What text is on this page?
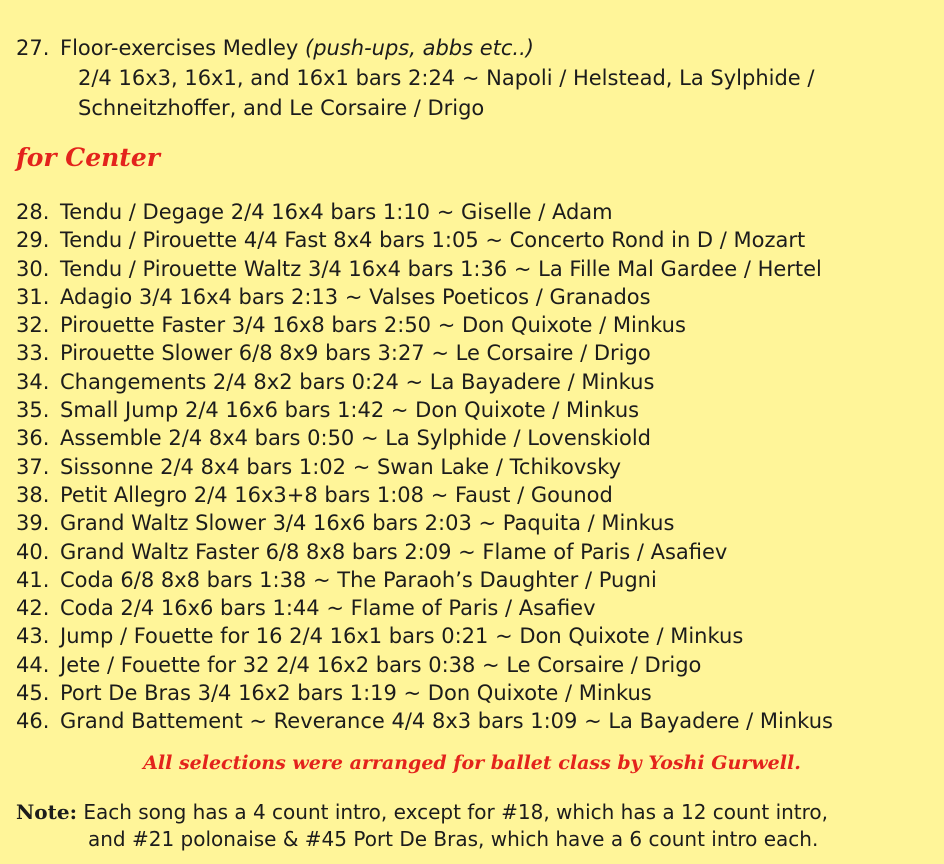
27. Floor-exercises Medley (push-ups, abbs etc..)
2/4 16x3, 16x1, and 16x1 bars 2:24 ~ Napoli / Helstead, La Sylphide /
Schneitzhoffer, and Le Corsaire / Drigo
for Center
28. Tendu / Degage 2/4 16x4 bars 1:10 ~ Giselle / Adam
29. Tendu / Pirouette 4/4 Fast 8x4 bars 1:05 ~ Concerto Rond in D / Mozart
30. Tendu / Pirouette Waltz 3/4 16x4 bars 1:36 ~ La Fille Mal Gardee / Hertel
31. Adagio 3/4 16x4 bars 2:13 ~ Valses Poeticos / Granados
32. Pirouette Faster 3/4 16x8 bars 2:50 ~ Don Quixote / Minkus
33. Pirouette Slower 6/8 8x9 bars 3:27 ~ Le Corsaire / Drigo
34. Changements 2/4 8x2 bars 0:24 ~ La Bayadere / Minkus
35. Small Jump 2/4 16x6 bars 1:42 ~ Don Quixote / Minkus
36. Assemble 2/4 8x4 bars 0:50 ~ La Sylphide / Lovenskiold
37. Sissonne 2/4 8x4 bars 1:02 ~ Swan Lake / Tchikovsky
38. Petit Allegro 2/4 16x3+8 bars 1:08 ~ Faust / Gounod
39. Grand Waltz Slower 3/4 16x6 bars 2:03 ~ Paquita / Minkus
40. Grand Waltz Faster 6/8 8x8 bars 2:09 ~ Flame of Paris / Asafiev
41. Coda 6/8 8x8 bars 1:38 ~ The Paraoh’s Daughter / Pugni
42. Coda 2/4 16x6 bars 1:44 ~ Flame of Paris / Asafiev
43. Jump / Fouette for 16 2/4 16x1 bars 0:21 ~ Don Quixote / Minkus
44. Jete / Fouette for 32 2/4 16x2 bars 0:38 ~ Le Corsaire / Drigo
45. Port De Bras 3/4 16x2 bars 1:19 ~ Don Quixote / Minkus
46. Grand Battement ~ Reverance 4/4 8x3 bars 1:09 ~ La Bayadere / Minkus

All selections were arranged for ballet class by Yoshi Gurwell.

Note: Each song has a 4 count intro, except for #18, which has a 12 count intro,
and #21 polonaise & #45 Port De Bras, which have a 6 count intro each.
